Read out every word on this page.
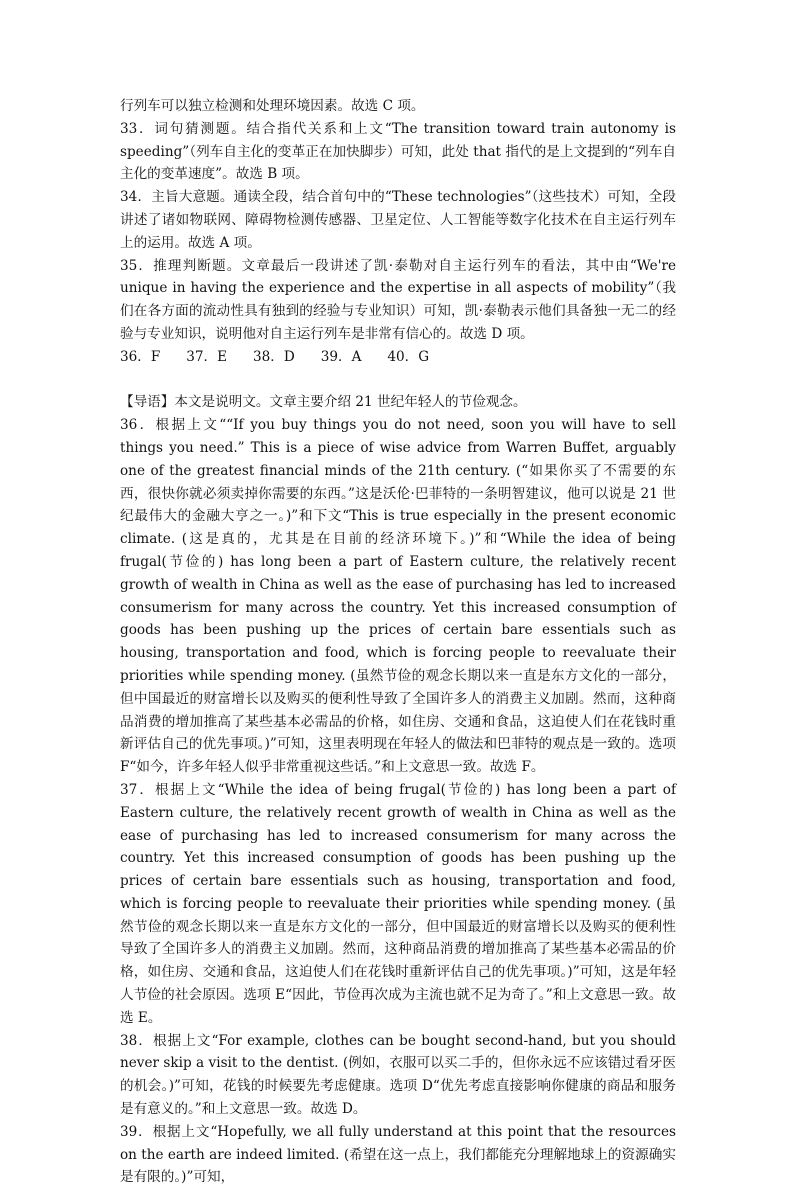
行列车可以独立检测和处理环境因素。故选 C 项。

33．词句猜测题。结合指代关系和上文“The transition toward train autonomy is speeding”（列车自主化的变革正在加快脚步）可知，此处 that 指代的是上文提到的“列车自主化的变革速度”。故选 B 项。

34．主旨大意题。通读全段，结合首句中的“These technologies”（这些技术）可知，全段讲述了诸如物联网、障碍物检测传感器、卫星定位、人工智能等数字化技术在自主运行列车上的运用。故选 A 项。

35．推理判断题。文章最后一段讲述了凯·泰勒对自主运行列车的看法，其中由“We're unique in having the experience and the expertise in all aspects of mobility”（我们在各方面的流动性具有独到的经验与专业知识）可知，凯·泰勒表示他们具备独一无二的经验与专业知识，说明他对自主运行列车是非常有信心的。故选 D 项。

36．F      37．E      38．D      39．A      40．G

【导语】本文是说明文。文章主要介绍 21 世纪年轻人的节俭观念。

36．根据上文““If you buy things you do not need, soon you will have to sell things you need.” This is a piece of wise advice from Warren Buffet, arguably one of the greatest financial minds of the 21th century. (“如果你买了不需要的东西，很快你就必须卖掉你需要的东西。”这是沃伦·巴菲特的一条明智建议，他可以说是 21 世纪最伟大的金融大亨之一。)”和下文“This is true especially in the present economic climate. (这是真的，尤其是在目前的经济环境下。)”和“While the idea of being frugal(节俭的) has long been a part of Eastern culture, the relatively recent growth of wealth in China as well as the ease of purchasing has led to increased consumerism for many across the country. Yet this increased consumption of goods has been pushing up the prices of certain bare essentials such as housing, transportation and food, which is forcing people to reevaluate their priorities while spending money. (虽然节俭的观念长期以来一直是东方文化的一部分，但中国最近的财富增长以及购买的便利性导致了全国许多人的消费主义加剧。然而，这种商品消费的增加推高了某些基本必需品的价格，如住房、交通和食品，这迫使人们在花钱时重新评估自己的优先事项。)”可知，这里表明现在年轻人的做法和巴菲特的观点是一致的。选项 F“如今，许多年轻人似乎非常重视这些话。”和上文意思一致。故选 F。

37．根据上文“While the idea of being frugal(节俭的) has long been a part of Eastern culture, the relatively recent growth of wealth in China as well as the ease of purchasing has led to increased consumerism for many across the country. Yet this increased consumption of goods has been pushing up the prices of certain bare essentials such as housing, transportation and food, which is forcing people to reevaluate their priorities while spending money. (虽然节俭的观念长期以来一直是东方文化的一部分，但中国最近的财富增长以及购买的便利性导致了全国许多人的消费主义加剧。然而，这种商品消费的增加推高了某些基本必需品的价格，如住房、交通和食品，这迫使人们在花钱时重新评估自己的优先事项。)”可知，这是年轻人节俭的社会原因。选项 E“因此，节俭再次成为主流也就不足为奇了。”和上文意思一致。故选 E。

38．根据上文“For example, clothes can be bought second-hand, but you should never skip a visit to the dentist. (例如，衣服可以买二手的，但你永远不应该错过看牙医的机会。)”可知，花钱的时候要先考虑健康。选项 D“优先考虑直接影响你健康的商品和服务是有意义的。”和上文意思一致。故选 D。

39．根据上文“Hopefully, we all fully understand at this point that the resources on the earth are indeed limited. (希望在这一点上，我们都能充分理解地球上的资源确实是有限的。)”可知，
